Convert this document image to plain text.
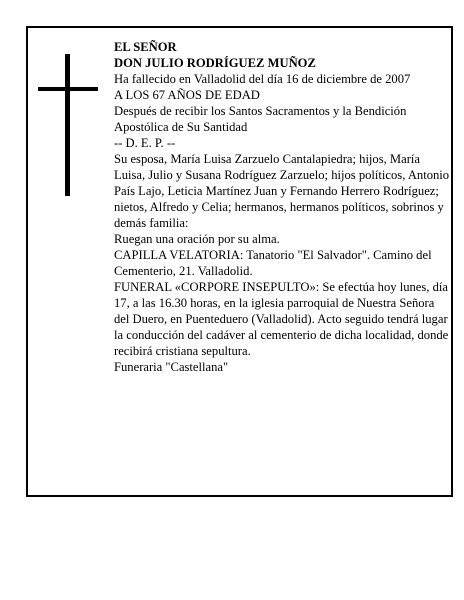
EL SEÑOR

DON JULIO RODRÍGUEZ MUÑOZ

Ha fallecido en Valladolid del día 16 de diciembre de 2007

A LOS 67 AÑOS DE EDAD

Después de recibir los Santos Sacramentos y la Bendición Apostólica de Su Santidad

-- D. E. P. --

Su esposa, María Luisa Zarzuelo Cantalapiedra; hijos, María Luisa, Julio y Susana Rodríguez Zarzuelo; hijos políticos, Antonio País Lajo, Leticia Martínez Juan y Fernando Herrero Rodríguez; nietos, Alfredo y Celia; hermanos, hermanos políticos, sobrinos y demás familia:

Ruegan una oración por su alma.

CAPILLA VELATORIA: Tanatorio "El Salvador". Camino del Cementerio, 21. Valladolid.

FUNERAL «CORPORE INSEPULTO»: Se efectúa hoy lunes, día 17, a las 16.30 horas, en la iglesia parroquial de Nuestra Señora del Duero, en Puenteduero (Valladolid). Acto seguido tendrá lugar la conducción del cadáver al cementerio de dicha localidad, donde recibirá cristiana sepultura.

Funeraria "Castellana"
